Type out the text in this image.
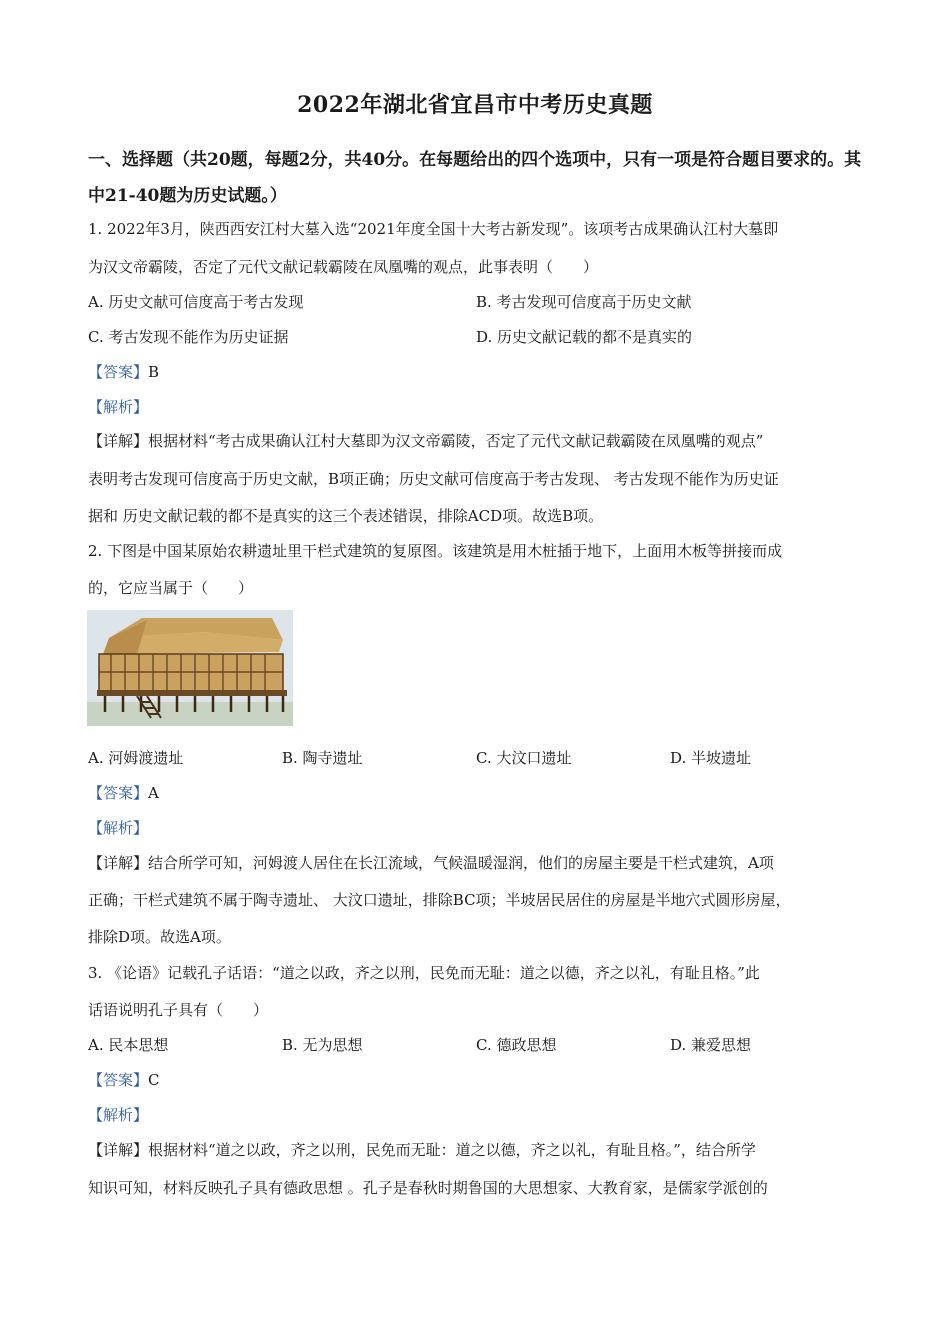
2022年湖北省宜昌市中考历史真题
一、选择题（共20题，每题2分，共40分。在每题给出的四个选项中，只有一项是符合题目要求的。其中21-40题为历史试题。）
1. 2022年3月，陕西西安江村大墓入选“2021年度全国十大考古新发现”。该项考古成果确认江村大墓即
为汉文帝霸陵，否定了元代文献记载霸陵在凤凰嘴的观点，此事表明（　　）
A. 历史文献可信度高于考古发现	B. 考古发现可信度高于历史文献
C. 考古发现不能作为历史证据	D. 历史文献记载的都不是真实的
【答案】B
【解析】
【详解】根据材料“考古成果确认江村大墓即为汉文帝霸陵，否定了元代文献记载霸陵在凤凰嘴的观点”
表明考古发现可信度高于历史文献，B项正确；历史文献可信度高于考古发现、 考古发现不能作为历史证
据和 历史文献记载的都不是真实的这三个表述错误，排除ACD项。故选B项。
2. 下图是中国某原始农耕遗址里干栏式建筑的复原图。该建筑是用木桩插于地下，上面用木板等拼接而成
的，它应当属于（　　）
A. 河姆渡遗址	B. 陶寺遗址	C. 大汶口遗址	D. 半坡遗址
【答案】A
【解析】
【详解】结合所学可知，河姆渡人居住在长江流域，气候温暖湿润，他们的房屋主要是干栏式建筑，A项
正确；干栏式建筑不属于陶寺遗址、 大汶口遗址，排除BC项；半坡居民居住的房屋是半地穴式圆形房屋，
排除D项。故选A项。
3. 《论语》记载孔子话语：“道之以政，齐之以刑，民免而无耻：道之以德，齐之以礼，有耻且格。”此
话语说明孔子具有（　　）
A. 民本思想	B. 无为思想	C. 德政思想	D. 兼爱思想
【答案】C
【解析】
【详解】根据材料“道之以政，齐之以刑，民免而无耻：道之以德，齐之以礼，有耻且格。”，结合所学
知识可知，材料反映孔子具有德政思想 。孔子是春秋时期鲁国的大思想家、大教育家，是儒家学派创的
